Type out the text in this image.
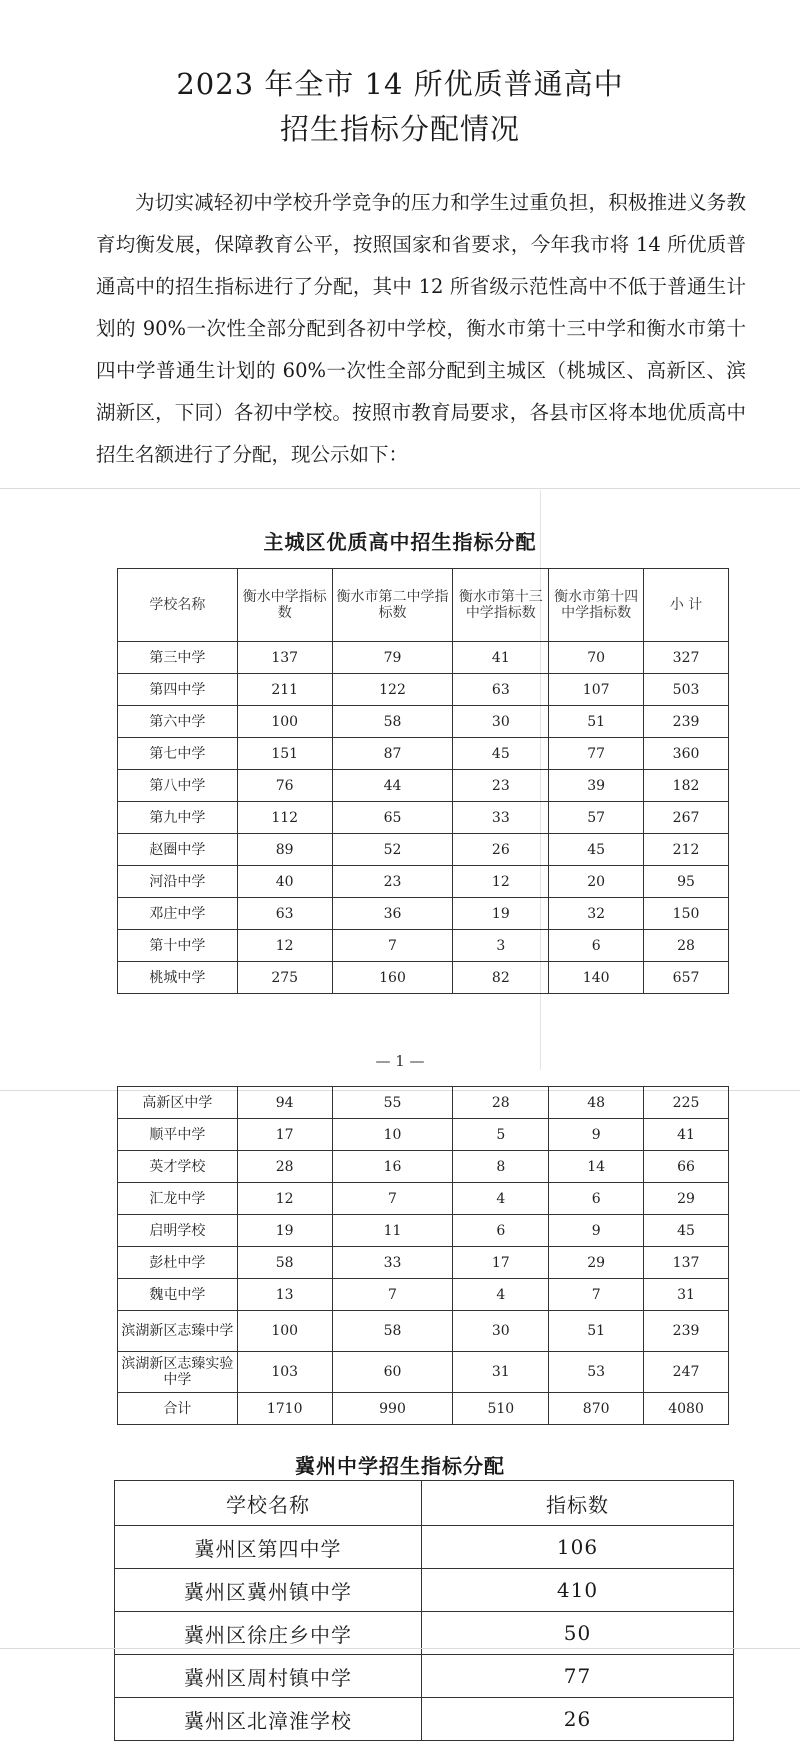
2023 年全市 14 所优质普通高中
招生指标分配情况

为切实减轻初中学校升学竞争的压力和学生过重负担，积极推进义务教育均衡发展，保障教育公平，按照国家和省要求，今年我市将 14 所优质普通高中的招生指标进行了分配，其中 12 所省级示范性高中不低于普通生计划的 90%一次性全部分配到各初中学校，衡水市第十三中学和衡水市第十四中学普通生计划的 60%一次性全部分配到主城区（桃城区、高新区、滨湖新区，下同）各初中学校。按照市教育局要求，各县市区将本地优质高中招生名额进行了分配，现公示如下：

主城区优质高中招生指标分配
学校名称	衡水中学指标数	衡水市第二中学指标数	衡水市第十三中学指标数	衡水市第十四中学指标数	小 计
第三中学	137	79	41	70	327
第四中学	211	122	63	107	503
第六中学	100	58	30	51	239
第七中学	151	87	45	77	360
第八中学	76	44	23	39	182
第九中学	112	65	33	57	267
赵圈中学	89	52	26	45	212
河沿中学	40	23	12	20	95
邓庄中学	63	36	19	32	150
第十中学	12	7	3	6	28
桃城中学	275	160	82	140	657
— 1 —
高新区中学	94	55	28	48	225
顺平中学	17	10	5	9	41
英才学校	28	16	8	14	66
汇龙中学	12	7	4	6	29
启明学校	19	11	6	9	45
彭杜中学	58	33	17	29	137
魏屯中学	13	7	4	7	31
滨湖新区志臻中学	100	58	30	51	239
滨湖新区志臻实验中学	103	60	31	53	247
合计	1710	990	510	870	4080
冀州中学招生指标分配
学校名称	指标数
冀州区第四中学	106
冀州区冀州镇中学	410
冀州区徐庄乡中学	50
冀州区周村镇中学	77
冀州区北漳淮学校	26
